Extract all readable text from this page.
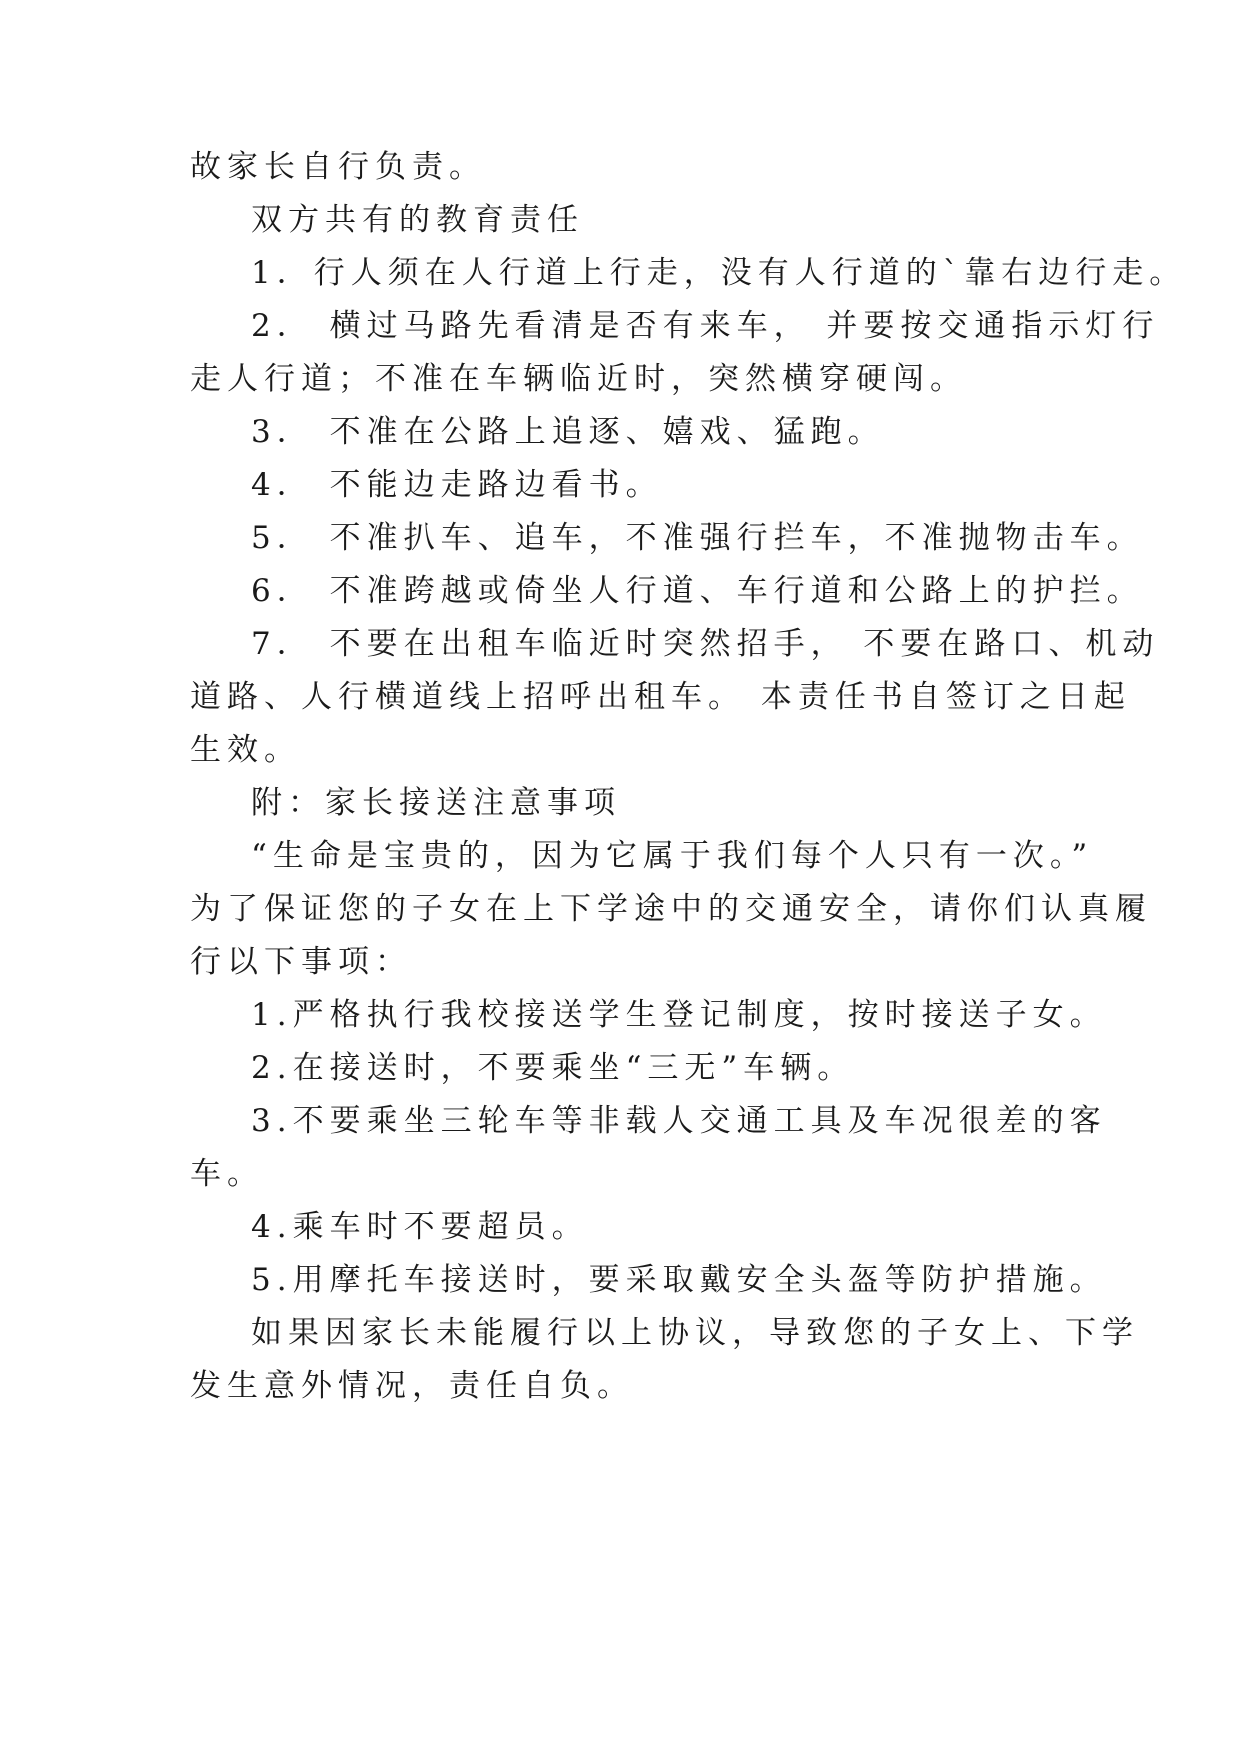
故家长自行负责。
双方共有的教育责任
1．行人须在人行道上行走，没有人行道的`靠右边行走。
2． 横过马路先看清是否有来车， 并要按交通指示灯行
走人行道；不准在车辆临近时，突然横穿硬闯。
3． 不准在公路上追逐、嬉戏、猛跑。
4． 不能边走路边看书。
5． 不准扒车、追车，不准强行拦车，不准抛物击车。
6． 不准跨越或倚坐人行道、车行道和公路上的护拦。
7． 不要在出租车临近时突然招手， 不要在路口、机动
道路、人行横道线上招呼出租车。 本责任书自签订之日起
生效。
附：家长接送注意事项
“生命是宝贵的，因为它属于我们每个人只有一次。”
为了保证您的子女在上下学途中的交通安全，请你们认真履
行以下事项：
1.严格执行我校接送学生登记制度，按时接送子女。
2.在接送时，不要乘坐“三无”车辆。
3.不要乘坐三轮车等非载人交通工具及车况很差的客
车。
4.乘车时不要超员。
5.用摩托车接送时，要采取戴安全头盔等防护措施。
如果因家长未能履行以上协议，导致您的子女上、下学
发生意外情况，责任自负。
